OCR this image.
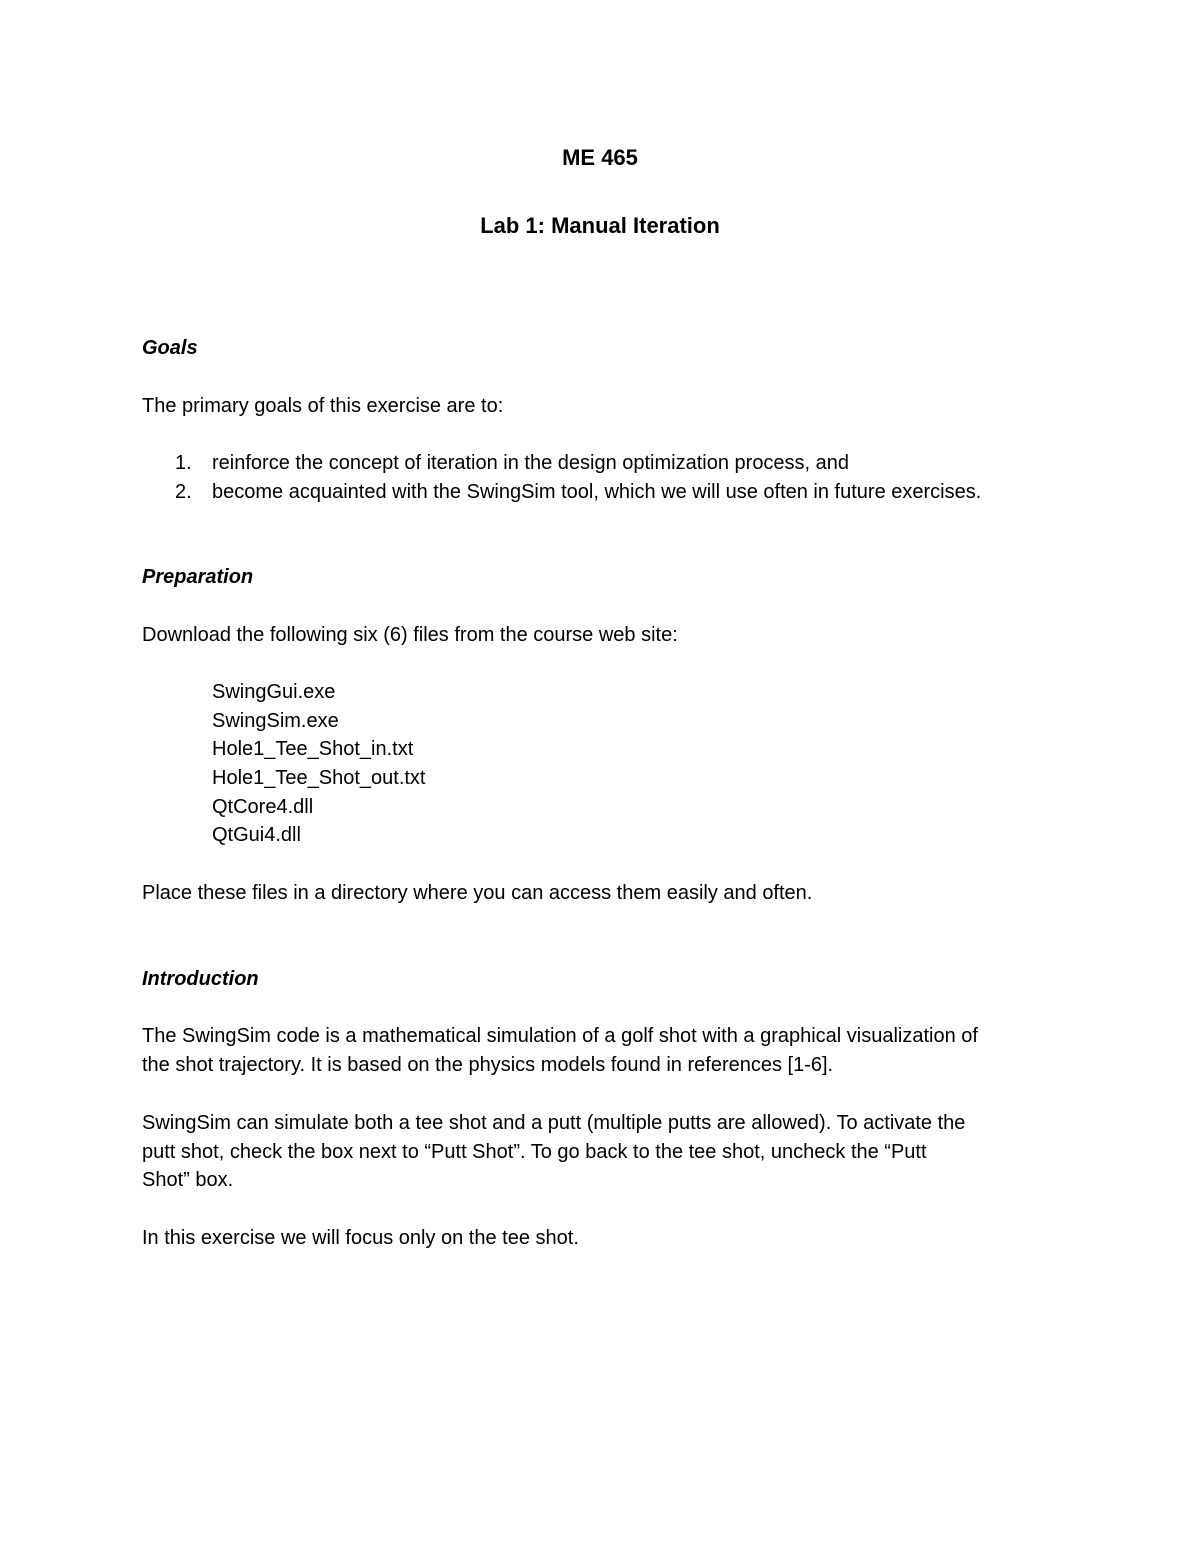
ME 465
Lab 1: Manual Iteration
Goals
The primary goals of this exercise are to:
1. reinforce the concept of iteration in the design optimization process, and
2. become acquainted with the SwingSim tool, which we will use often in future exercises.
Preparation
Download the following six (6) files from the course web site:
SwingGui.exe
SwingSim.exe
Hole1_Tee_Shot_in.txt
Hole1_Tee_Shot_out.txt
QtCore4.dll
QtGui4.dll
Place these files in a directory where you can access them easily and often.
Introduction
The SwingSim code is a mathematical simulation of a golf shot with a graphical visualization of
the shot trajectory. It is based on the physics models found in references [1-6].
SwingSim can simulate both a tee shot and a putt (multiple putts are allowed). To activate the
putt shot, check the box next to “Putt Shot”. To go back to the tee shot, uncheck the “Putt
Shot” box.
In this exercise we will focus only on the tee shot.
